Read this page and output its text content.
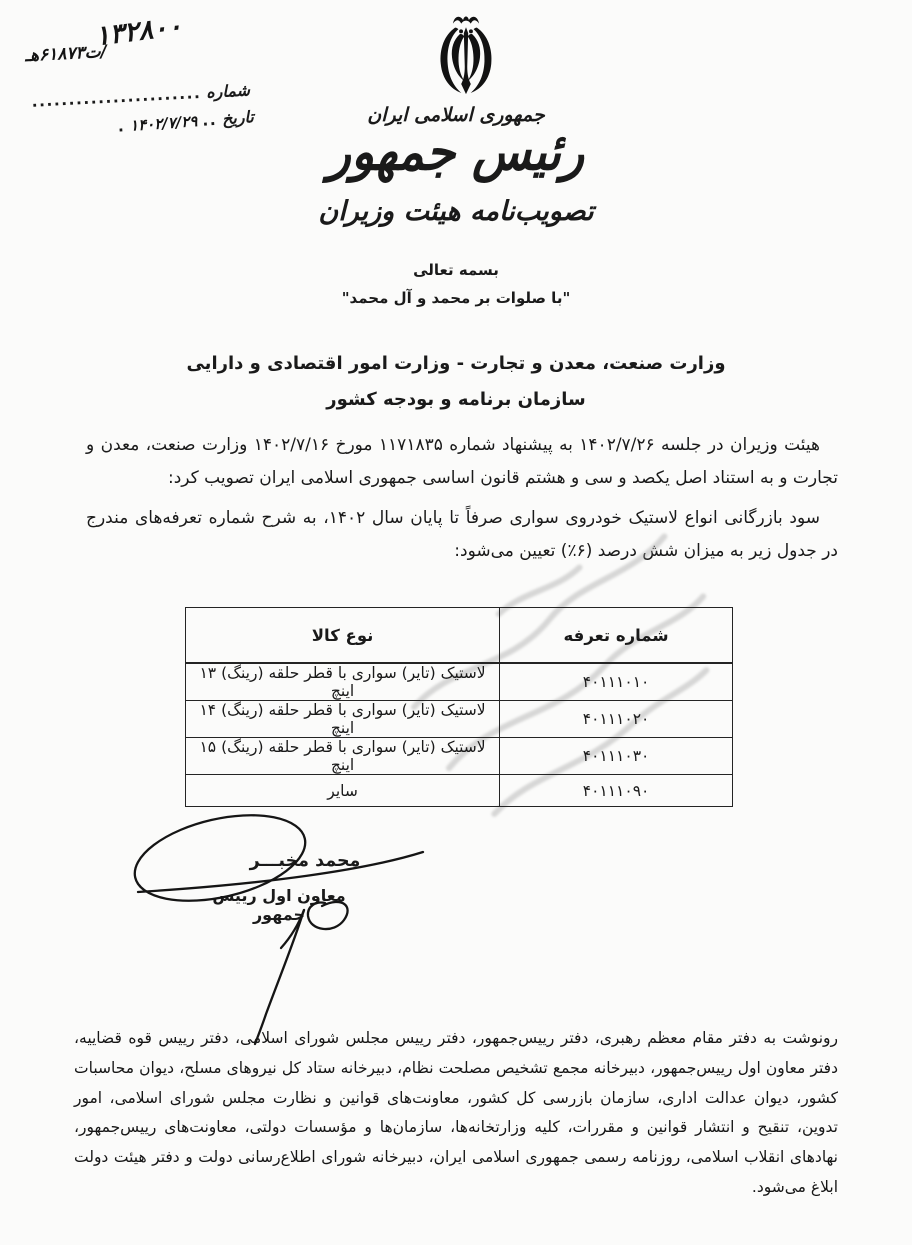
۱۳۲۸۰۰
/ت۶۱۸۷۳هـ
شماره
.......................
تاریخ
..
۱۴۰۲/۷/۲۹
.
جمهوری اسلامی ایران
رئیس جمهور
تصویب‌نامه هیئت وزیران
بسمه تعالی
"با صلوات بر محمد و آل محمد"
وزارت صنعت، معدن و تجارت - وزارت امور اقتصادی و دارایی
سازمان برنامه و بودجه کشور

هیئت وزیران در جلسه ۱۴۰۲/۷/۲۶ به پیشنهاد شماره ۱۱۷۱۸۳۵ مورخ ۱۴۰۲/۷/۱۶ وزارت صنعت، معدن و تجارت و به استناد اصل یکصد و سی و هشتم قانون اساسی جمهوری اسلامی ایران تصویب کرد:

سود بازرگانی انواع لاستیک خودروی سواری صرفاً تا پایان سال ۱۴۰۲، به شرح شماره تعرفه‌های مندرج در جدول زیر به میزان شش درصد (۶٪) تعیین می‌شود:

شماره تعرفه	نوع کالا
۴۰۱۱۱۰۱۰	لاستیک (تایر) سواری با قطر حلقه (رینگ) ۱۳ اینچ
۴۰۱۱۱۰۲۰	لاستیک (تایر) سواری با قطر حلقه (رینگ) ۱۴ اینچ
۴۰۱۱۱۰۳۰	لاستیک (تایر) سواری با قطر حلقه (رینگ) ۱۵ اینچ
۴۰۱۱۱۰۹۰	سایر
محمد مخبـــر
معاون اول رییس جمهور
رونوشت به دفتر مقام معظم رهبری، دفتر رییس‌جمهور، دفتر رییس مجلس شورای اسلامی، دفتر رییس قوه قضاییه، دفتر معاون اول رییس‌جمهور، دبیرخانه مجمع تشخیص مصلحت نظام، دبیرخانه ستاد کل نیروهای مسلح، دیوان محاسبات کشور، دیوان عدالت اداری، سازمان بازرسی کل کشور، معاونت‌های قوانین و نظارت مجلس شورای اسلامی، امور تدوین، تنقیح و انتشار قوانین و مقررات، کلیه وزارتخانه‌ها، سازمان‌ها و مؤسسات دولتی، معاونت‌های رییس‌جمهور، نهادهای انقلاب اسلامی، روزنامه رسمی جمهوری اسلامی ایران، دبیرخانه شورای اطلاع‌رسانی دولت و دفتر هیئت دولت ابلاغ می‌شود.
